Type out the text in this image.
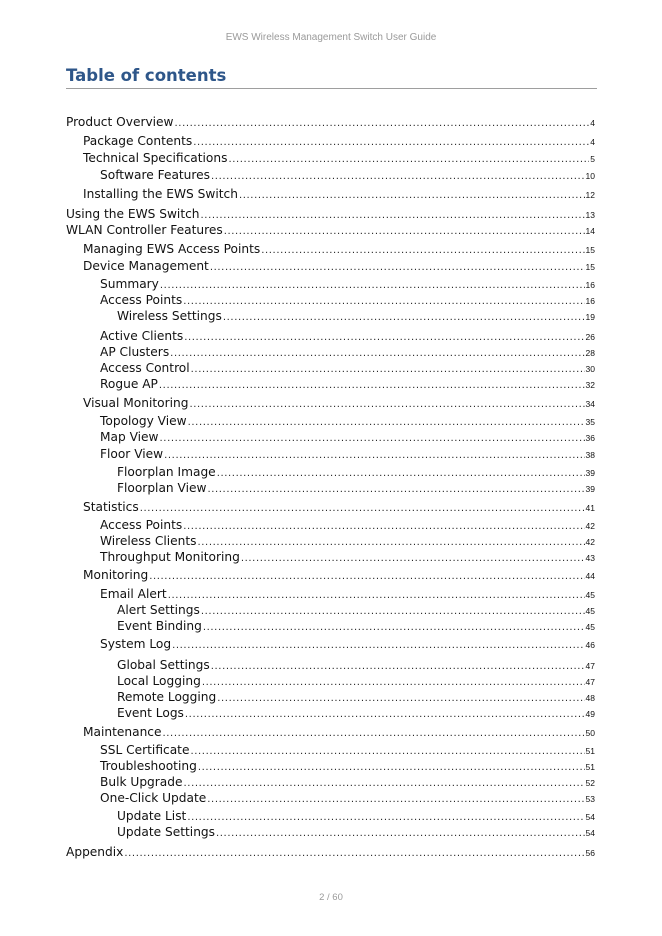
EWS Wireless Management Switch User Guide
Table of contents
Product Overview .....	4
Package Contents .....	4
Technical Specifications .....	5
Software Features .....	10
Installing the EWS Switch .....	12
Using the EWS Switch .....	13
WLAN Controller Features .....	14
Managing EWS Access Points .....	15
Device Management .....	15
Summary .....	16
Access Points .....	16
Wireless Settings .....	19
Active Clients .....	26
AP Clusters .....	28
Access Control .....	30
Rogue AP .....	32
Visual Monitoring .....	34
Topology View .....	35
Map View .....	36
Floor View .....	38
Floorplan Image .....	39
Floorplan View .....	39
Statistics .....	41
Access Points .....	42
Wireless Clients .....	42
Throughput Monitoring .....	43
Monitoring .....	44
Email Alert .....	45
Alert Settings .....	45
Event Binding .....	45
System Log .....	46
Global Settings .....	47
Local Logging .....	47
Remote Logging .....	48
Event Logs .....	49
Maintenance .....	50
SSL Certificate .....	51
Troubleshooting .....	51
Bulk Upgrade .....	52
One-Click Update .....	53
Update List .....	54
Update Settings .....	54
Appendix .....	56
2 / 60
